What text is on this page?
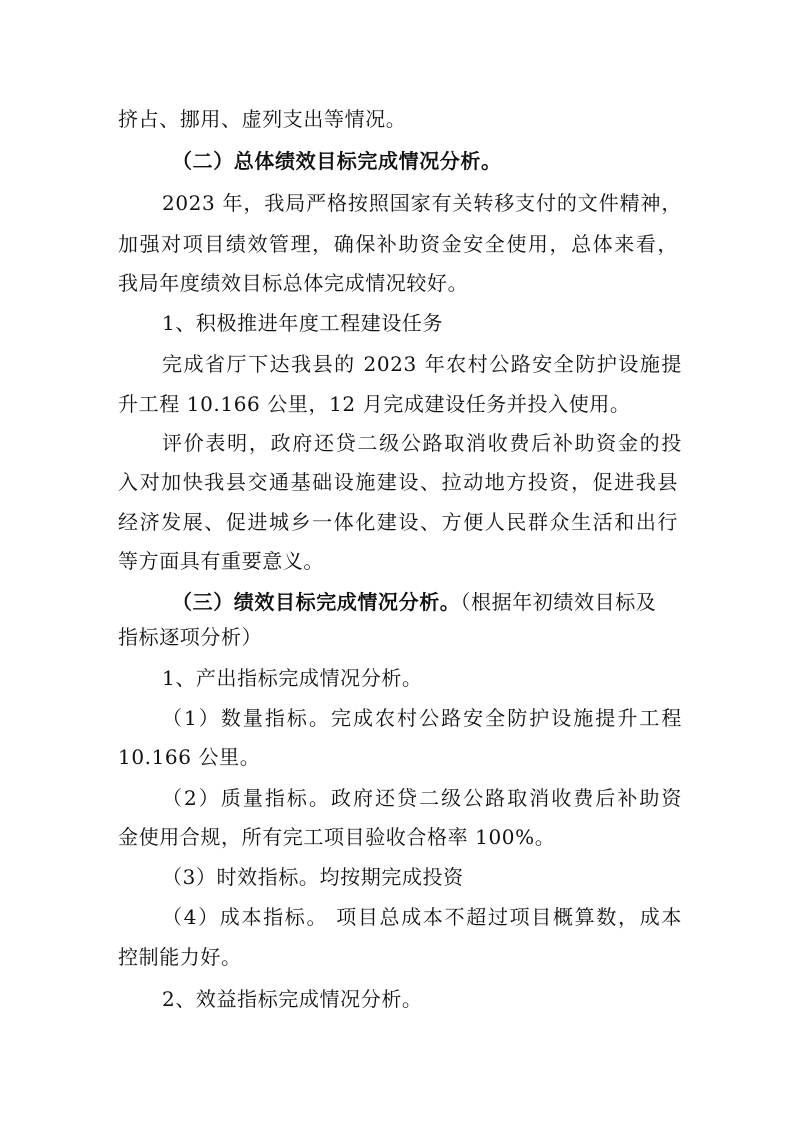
挤占、挪用、虚列支出等情况。
（二）总体绩效目标完成情况分析。
2023 年，我局严格按照国家有关转移支付的文件精神，
加强对项目绩效管理，确保补助资金安全使用，总体来看，
我局年度绩效目标总体完成情况较好。
1、积极推进年度工程建设任务
完成省厅下达我县的 2023 年农村公路安全防护设施提
升工程 10.166 公里，12 月完成建设任务并投入使用。
评价表明，政府还贷二级公路取消收费后补助资金的投
入对加快我县交通基础设施建设、拉动地方投资，促进我县
经济发展、促进城乡一体化建设、方便人民群众生活和出行
等方面具有重要意义。
（三）绩效目标完成情况分析。（根据年初绩效目标及
指标逐项分析）
1、产出指标完成情况分析。
（1）数量指标。完成农村公路安全防护设施提升工程
10.166 公里。
（2）质量指标。政府还贷二级公路取消收费后补助资
金使用合规，所有完工项目验收合格率 100%。
（3）时效指标。均按期完成投资
（4）成本指标。 项目总成本不超过项目概算数，成本
控制能力好。
2、效益指标完成情况分析。
